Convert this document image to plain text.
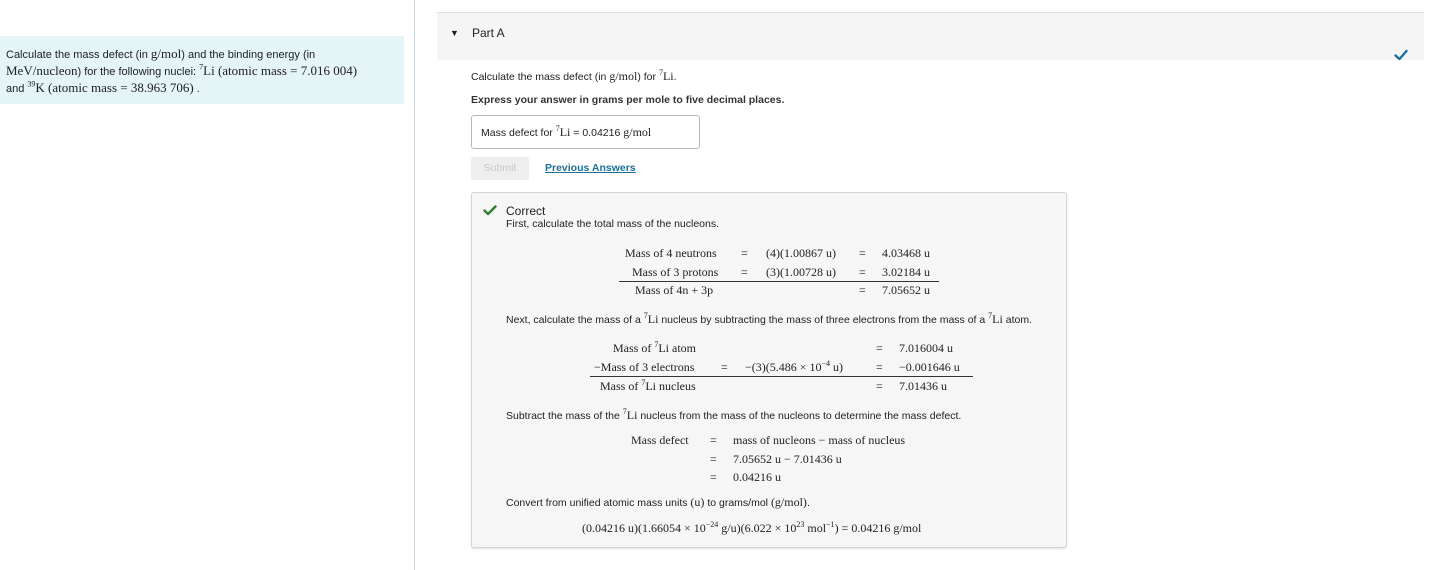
Calculate the mass defect (in g/mol) and the binding energy (in
MeV/nucleon) for the following nuclei: $^7$Li (atomic mass = 7.016 004)
and $^{39}$K (atomic mass = 38.963 706) .
▼ Part A
Calculate the mass defect (in g/mol) for $^7$Li.
Express your answer in grams per mole to five decimal places.
Mass defect for $^7$Li = 0.04216 g/mol
Submit	Previous Answers
Correct
First, calculate the total mass of the nucleons.
Mass of 4 neutrons = (4)(1.00867 u) = 4.03468 u
Mass of 3 protons = (3)(1.00728 u) = 3.02184 u
Mass of 4n + 3p	= 7.05652 u
Next, calculate the mass of a $^7$Li nucleus by subtracting the mass of three electrons from the mass of a $^7$Li atom.
Mass of $^7$Li atom	= 7.016004 u
−Mass of 3 electrons = $-(3)(5.486 \times 10^{-4}$ u)	= −0.001646 u
Mass of $^7$Li nucleus	= 7.01436 u
Subtract the mass of the $^7$Li nucleus from the mass of the nucleons to determine the mass defect.
Mass defect = mass of nucleons − mass of nucleus
= 7.05652 u − 7.01436 u
= 0.04216 u
Convert from unified atomic mass units (u) to grams/mol (g/mol).
(0.04216 $u)(1.66054 \times 10^{-24}$ $g/u)(6.022 \times 10^{23}$ mol$^{-1}$) = 0.04216 g/mol
